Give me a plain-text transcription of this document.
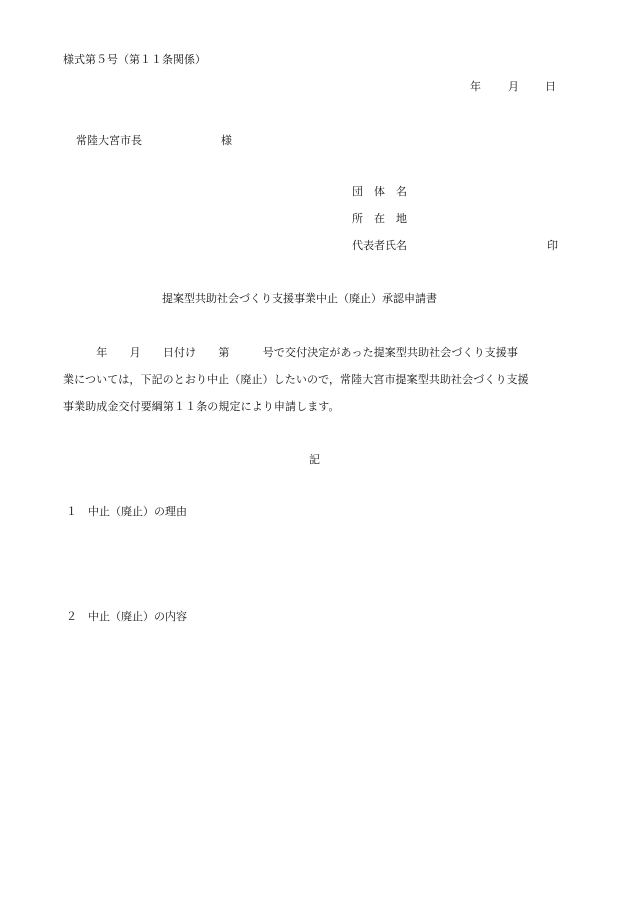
様式第５号（第１１条関係）
年 月 日
常陸大宮市長	様
団　体　名
所　在　地
代表者氏名	印
提案型共助社会づくり支援事業中止（廃止）承認申請書
　　　年　　月　　日付け　　第　　　号で交付決定があった提案型共助社会づくり支援事
業については，下記のとおり中止（廃止）したいので，常陸大宮市提案型共助社会づくり支援
事業助成金交付要綱第１１条の規定により申請します。
記
１　中止（廃止）の理由
２　中止（廃止）の内容
